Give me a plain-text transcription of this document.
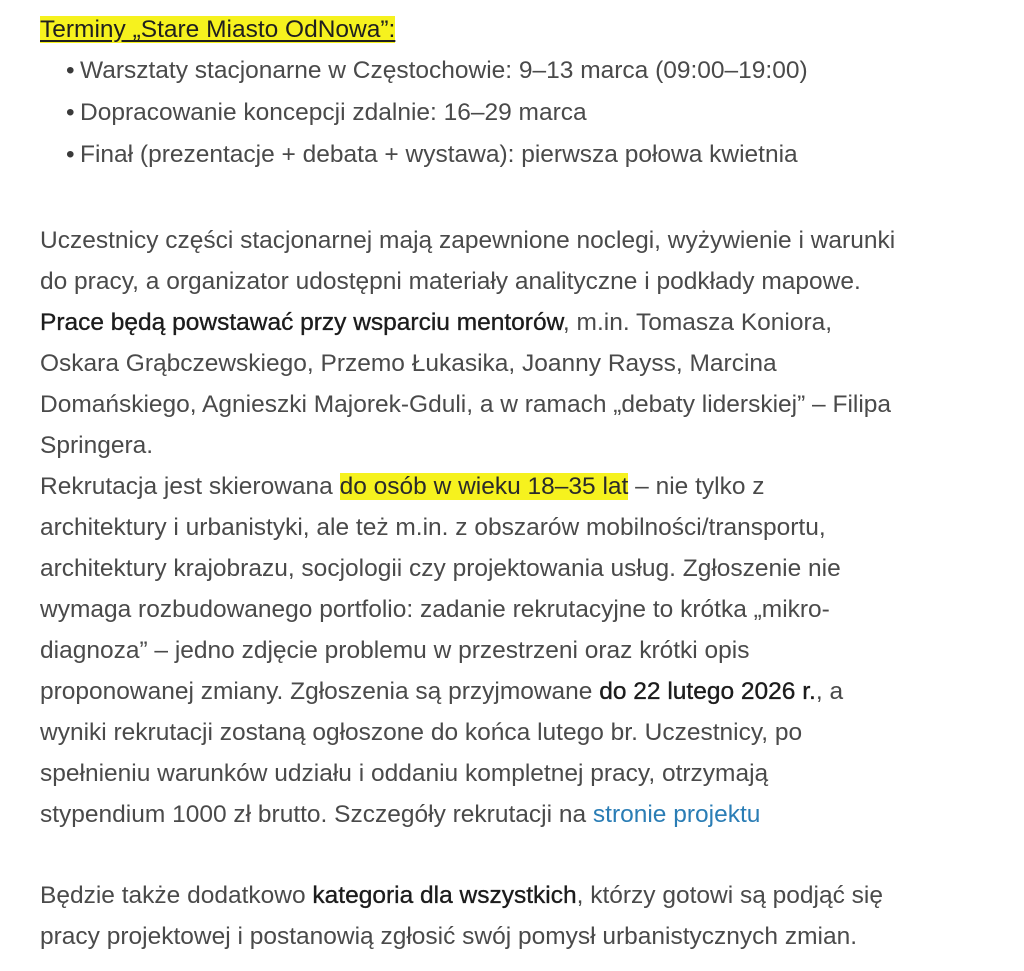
Terminy „Stare Miasto OdNowa”:
• Warsztaty stacjonarne w Częstochowie: 9–13 marca (09:00–19:00)
• Dopracowanie koncepcji zdalnie: 16–29 marca
• Finał (prezentacje + debata + wystawa): pierwsza połowa kwietnia

Uczestnicy części stacjonarnej mają zapewnione noclegi, wyżywienie i warunki
do pracy, a organizator udostępni materiały analityczne i podkłady mapowe.
Prace będą powstawać przy wsparciu mentorów, m.in. Tomasza Koniora,
Oskara Grąbczewskiego, Przemo Łukasika, Joanny Rayss, Marcina
Domańskiego, Agnieszki Majorek-Gduli, a w ramach „debaty liderskiej” – Filipa
Springera.

Rekrutacja jest skierowana do osób w wieku 18–35 lat – nie tylko z
architektury i urbanistyki, ale też m.in. z obszarów mobilności/transportu,
architektury krajobrazu, socjologii czy projektowania usług. Zgłoszenie nie
wymaga rozbudowanego portfolio: zadanie rekrutacyjne to krótka „mikro-
diagnoza” – jedno zdjęcie problemu w przestrzeni oraz krótki opis
proponowanej zmiany. Zgłoszenia są przyjmowane do 22 lutego 2026 r., a
wyniki rekrutacji zostaną ogłoszone do końca lutego br. Uczestnicy, po
spełnieniu warunków udziału i oddaniu kompletnej pracy, otrzymają
stypendium 1000 zł brutto. Szczegóły rekrutacji na stronie projektu

Będzie także dodatkowo kategoria dla wszystkich, którzy gotowi są podjąć się
pracy projektowej i postanowią zgłosić swój pomysł urbanistycznych zmian.
